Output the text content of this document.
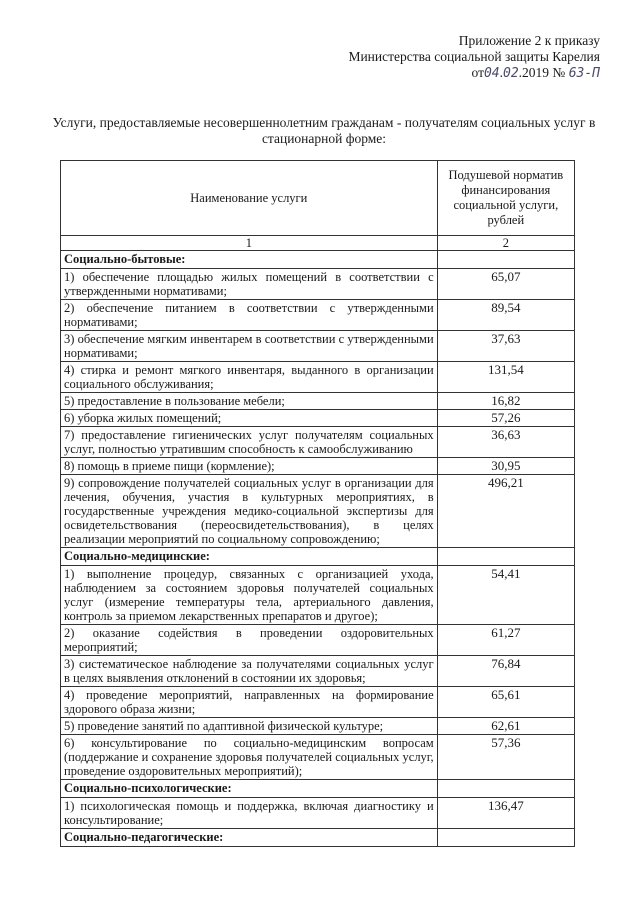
Приложение 2 к приказу
Министерства социальной защиты Карелия
от04.02.2019 № 63-П
Услуги, предоставляемые несовершеннолетним гражданам - получателям социальных услуг в
стационарной форме:
Наименование услуги	Подушевой норматив финансирования социальной услуги, рублей
1	2
Социально-бытовые:	
1) обеспечение площадью жилых помещений в соответствии с утвержденными нормативами;	65,07
2) обеспечение питанием в соответствии с утвержденными нормативами;	89,54
3) обеспечение мягким инвентарем в соответствии с утвержденными нормативами;	37,63
4) стирка и ремонт мягкого инвентаря, выданного в организации социального обслуживания;	131,54
5) предоставление в пользование мебели;	16,82
6) уборка жилых помещений;	57,26
7) предоставление гигиенических услуг получателям социальных услуг, полностью утратившим способность к самообслуживанию	36,63
8) помощь в приеме пищи (кормление);	30,95
9) сопровождение получателей социальных услуг в организации для лечения, обучения, участия в культурных мероприятиях, в государственные учреждения медико-социальной экспертизы для освидетельствования (переосвидетельствования), в целях реализации мероприятий по социальному сопровождению;	496,21
Социально-медицинские:	
1) выполнение процедур, связанных с организацией ухода, наблюдением за состоянием здоровья получателей социальных услуг (измерение температуры тела, артериального давления, контроль за приемом лекарственных препаратов и другое);	54,41
2) оказание содействия в проведении оздоровительных мероприятий;	61,27
3) систематическое наблюдение за получателями социальных услуг в целях выявления отклонений в состоянии их здоровья;	76,84
4) проведение мероприятий, направленных на формирование здорового образа жизни;	65,61
5) проведение занятий по адаптивной физической культуре;	62,61
6) консультирование по социально-медицинским вопросам (поддержание и сохранение здоровья получателей социальных услуг, проведение оздоровительных мероприятий);	57,36
Социально-психологические:	
1) психологическая помощь и поддержка, включая диагностику и консультирование;	136,47
Социально-педагогические:	
